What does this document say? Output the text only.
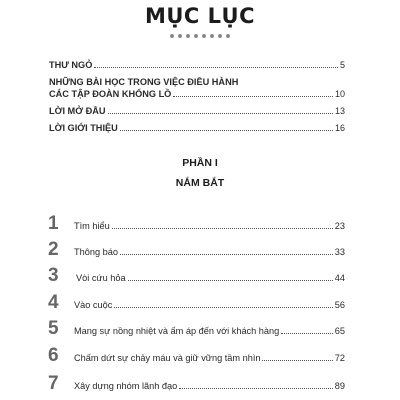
MỤC LỤC
THƯ NGỎ	5
NHỮNG BÀI HỌC TRONG VIỆC ĐIỀU HÀNH
CÁC TẬP ĐOÀN KHỔNG LỒ	10
LỜI MỞ ĐẦU	13
LỜI GIỚI THIỆU	16
PHẦN I
NẮM BẮT
1	Tìm hiểu	23
2	Thông báo	33
3	Vòi cứu hỏa	44
4	Vào cuộc	56
5	Mang sự nồng nhiệt và ấm áp đến với khách hàng	65
6	Chấm dứt sự chảy máu và giữ vững tầm nhìn	72
7	Xây dựng nhóm lãnh đạo	89
